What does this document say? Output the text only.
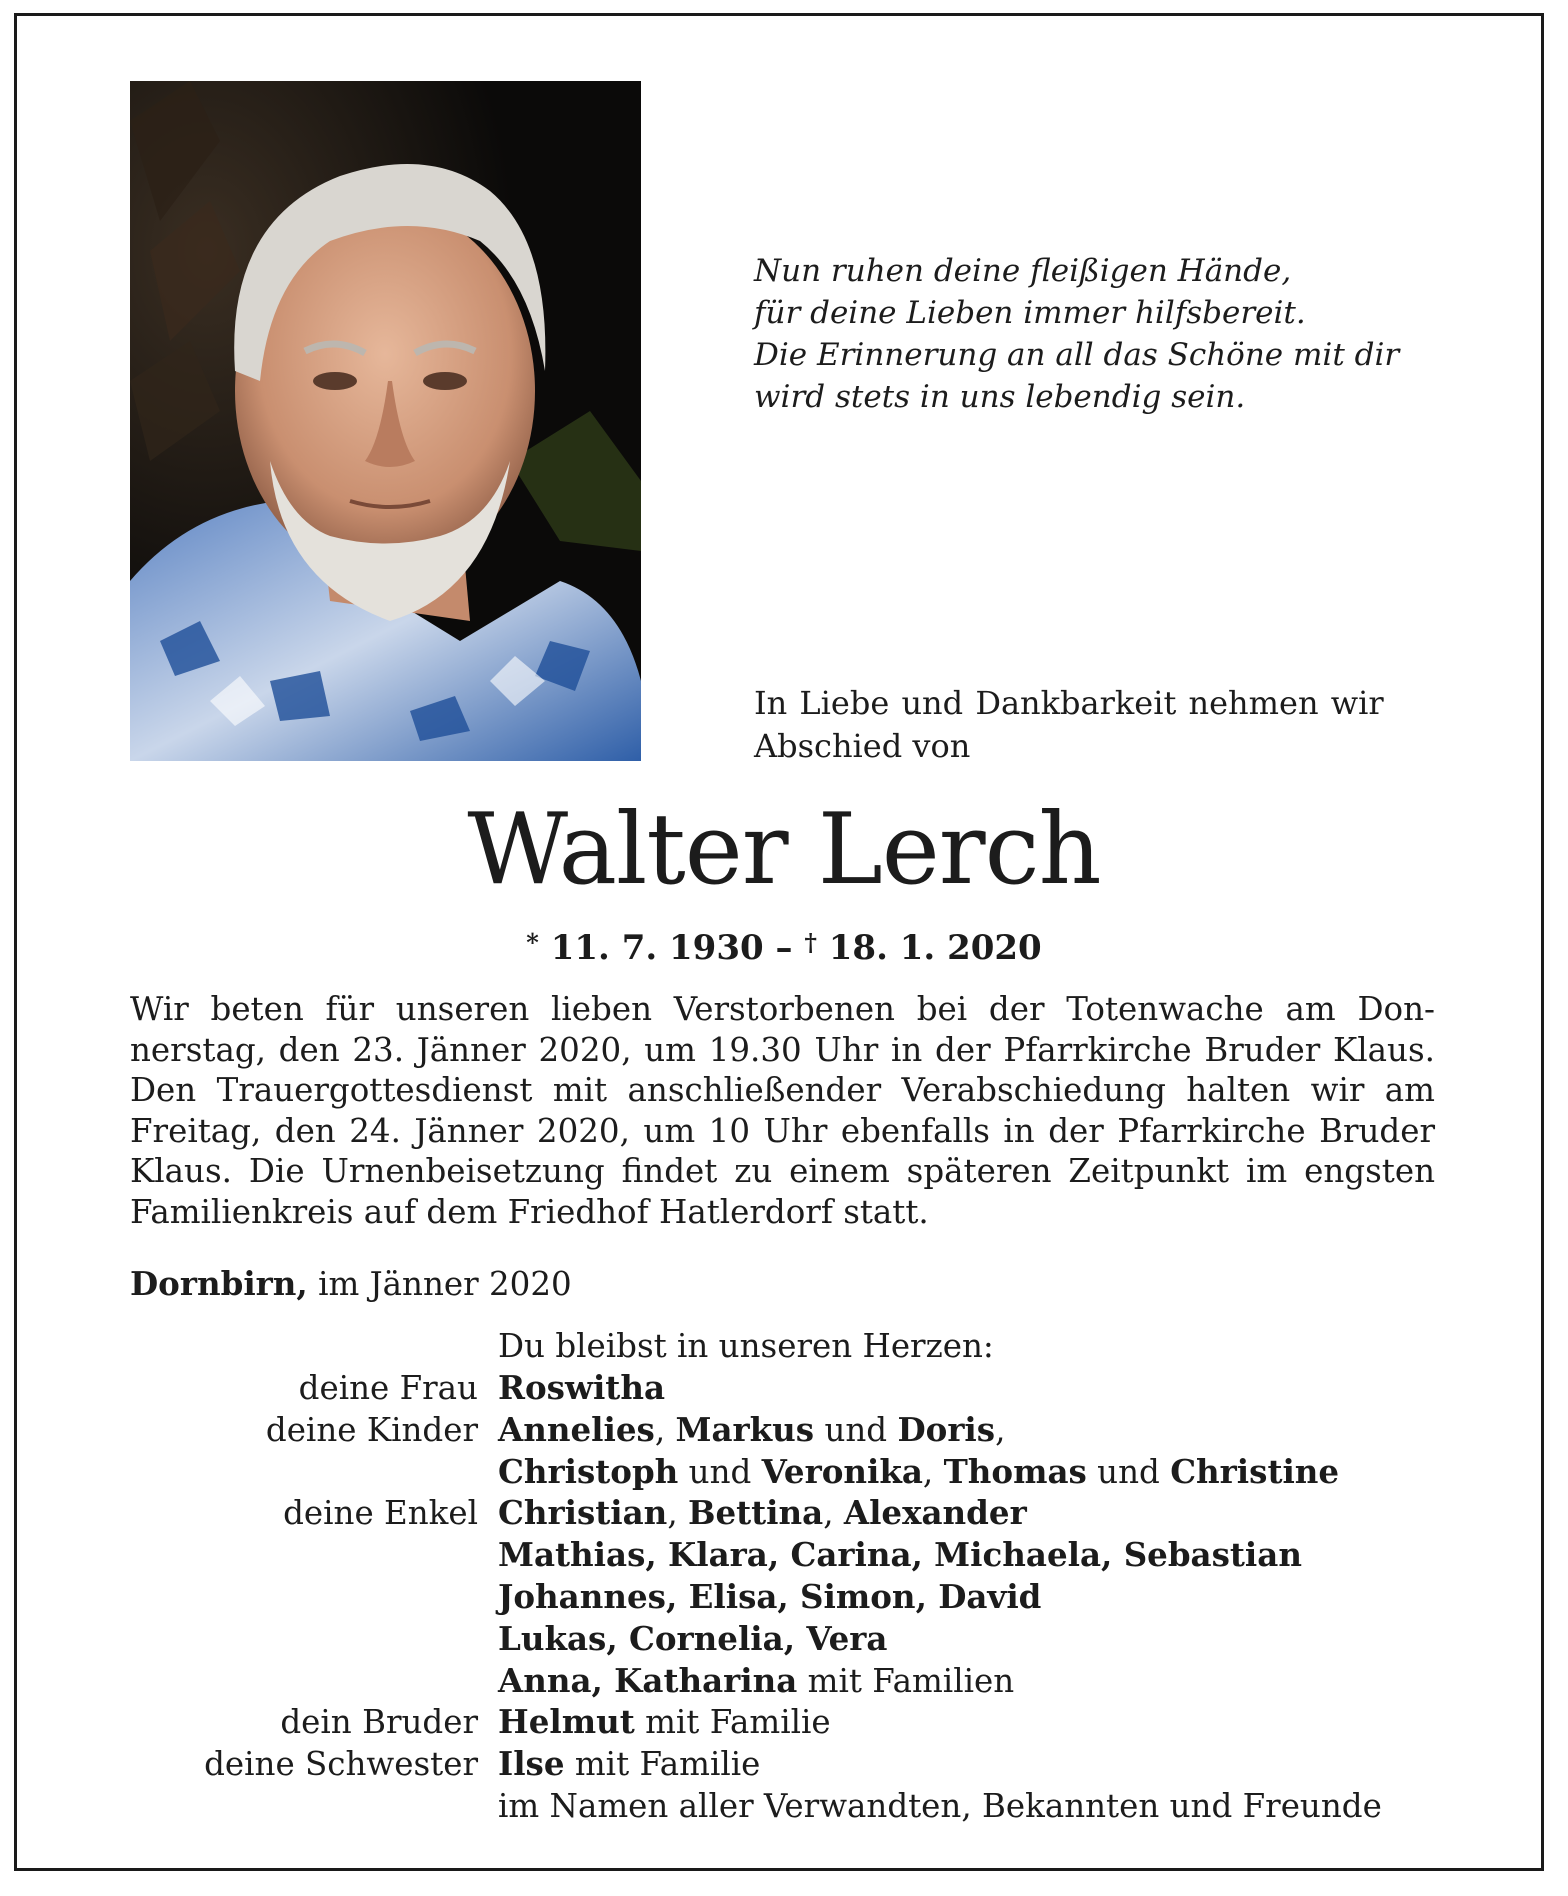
Nun ruhen deine fleißigen Hände,
für deine Lieben immer hilfsbereit.
Die Erinnerung an all das Schöne mit dir
wird stets in uns lebendig sein.
In Liebe und Dankbarkeit nehmen wir
Abschied von
Walter Lerch
* 11. 7. 1930 – † 18. 1. 2020
Wir beten für unseren lieben Verstorbenen bei der Totenwache am Don-
nerstag, den 23. Jänner 2020, um 19.30 Uhr in der Pfarrkirche Bruder Klaus.
Den Trauergottesdienst mit anschließender Verabschiedung halten wir am
Freitag, den 24. Jänner 2020, um 10 Uhr ebenfalls in der Pfarrkirche Bruder
Klaus. Die Urnenbeisetzung findet zu einem späteren Zeitpunkt im engsten
Familienkreis auf dem Friedhof Hatlerdorf statt.
Dornbirn, im Jänner 2020
Du bleibst in unseren Herzen:
deine Frau Roswitha
deine Kinder Annelies, Markus und Doris,
Christoph und Veronika, Thomas und Christine
deine Enkel Christian, Bettina, Alexander
Mathias, Klara, Carina, Michaela, Sebastian
Johannes, Elisa, Simon, David
Lukas, Cornelia, Vera
Anna, Katharina mit Familien
dein Bruder Helmut mit Familie
deine Schwester Ilse mit Familie
im Namen aller Verwandten, Bekannten und Freunde
